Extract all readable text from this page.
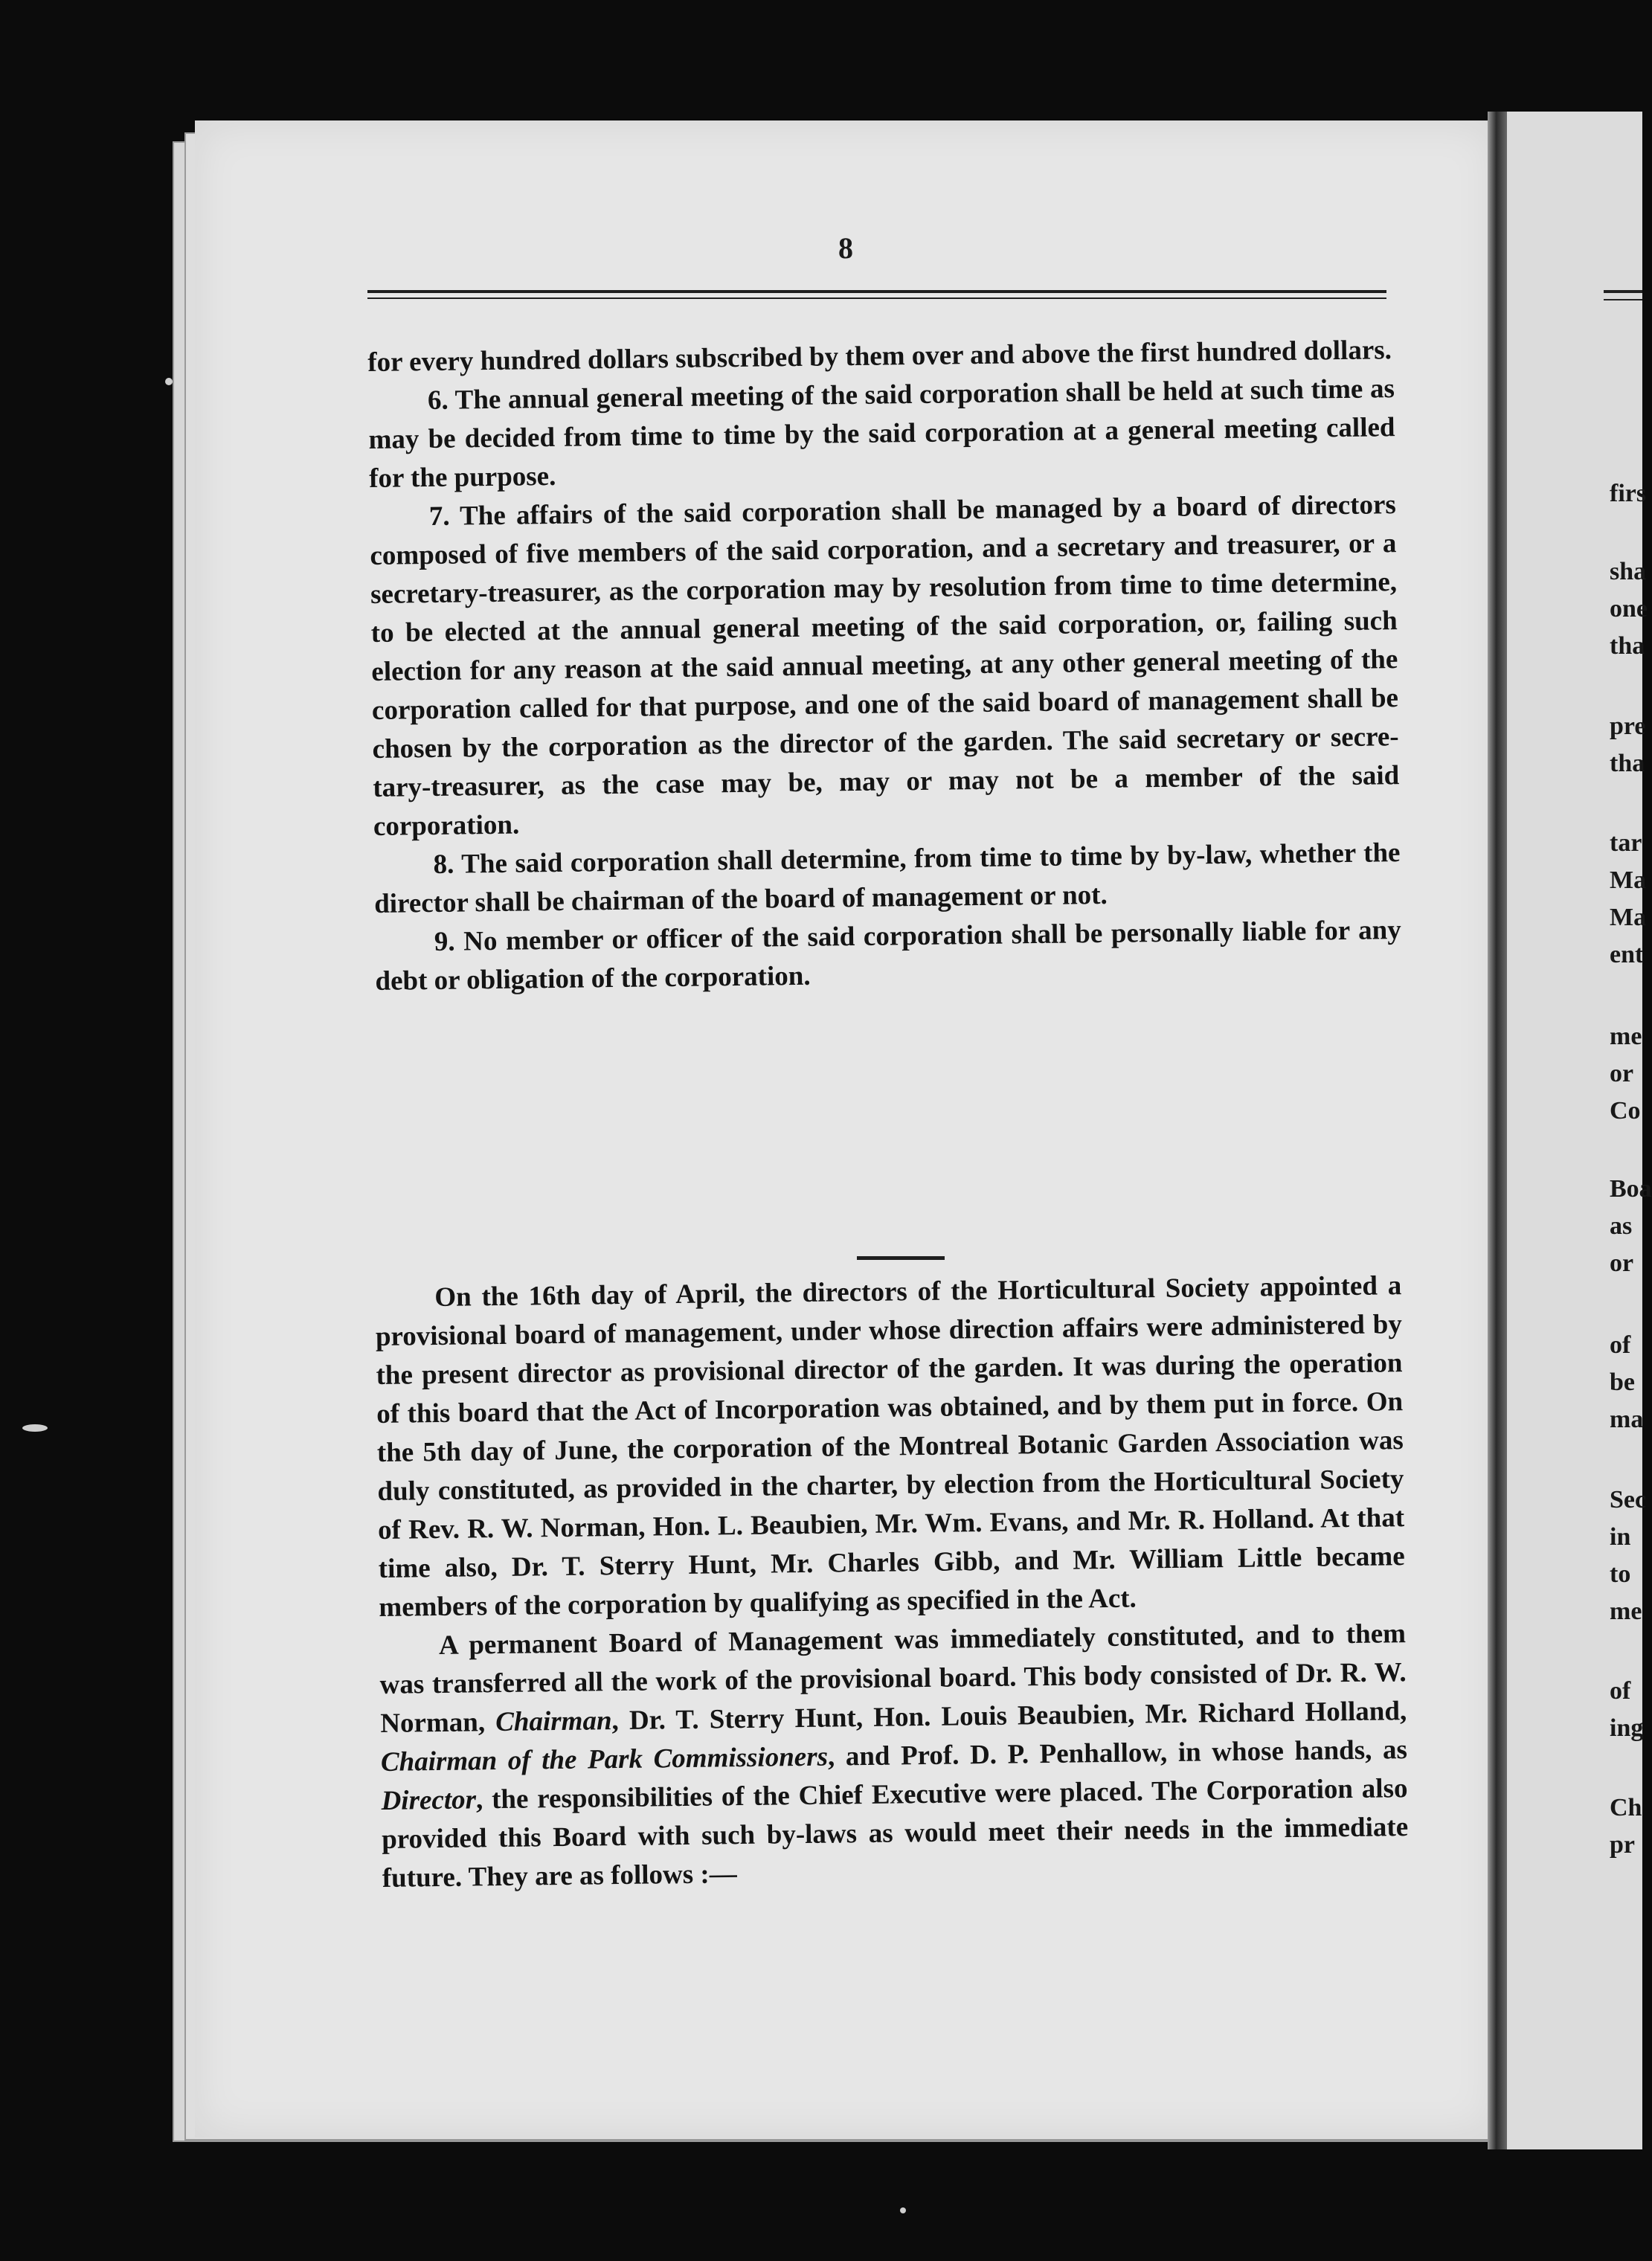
8

for every hundred dollars subscribed by them over and above the first hundred dollars.

6. The annual general meeting of the said corporation shall be held at such time as may be decided from time to time by the said corporation at a general meeting called for the purpose.

7. The affairs of the said corporation shall be managed by a board of directors composed of five members of the said corporation, and a secretary and treasurer, or a secretary-treasurer, as the corporation may by resolution from time to time determine, to be elected at the annual general meeting of the said corporation, or, failing such election for any reason at the said annual meeting, at any other general meeting of the corporation called for that purpose, and one of the said board of management shall be chosen by the corporation as the director of the garden. The said secretary or secretary-treasurer, as the case may be, may or may not be a member of the said corporation.

8. The said corporation shall determine, from time to time by by-law, whether the director shall be chairman of the board of management or not.

9. No member or officer of the said corporation shall be personally liable for any debt or obligation of the corporation.

On the 16th day of April, the directors of the Horticultural Society appointed a provisional board of management, under whose direction affairs were administered by the present director as provisional director of the garden. It was during the operation of this board that the Act of Incorporation was obtained, and by them put in force. On the 5th day of June, the corporation of the Montreal Botanic Garden Association was duly constituted, as provided in the charter, by election from the Horticultural Society of Rev. R. W. Norman, Hon. L. Beaubien, Mr. Wm. Evans, and Mr. R. Holland. At that time also, Dr. T. Sterry Hunt, Mr. Charles Gibb, and Mr. William Little became members of the corporation by qualifying as specified in the Act.

A permanent Board of Management was immediately constituted, and to them was transferred all the work of the provisional board. This body consisted of Dr. R. W. Norman, Chairman, Dr. T. Sterry Hunt, Hon. Louis Beaubien, Mr. Richard Holland, Chairman of the Park Commissioners, and Prof. D. P. Penhallow, in whose hands, as Director, the responsibilities of the Chief Executive were placed. The Corporation also provided this Board with such by-laws as would meet their needs in the immediate future. They are as follows :—

firs
sha
one
tha
pre
tha
tar
Ma
Ma
ent
me
or
Co
Boa
as
or
of
be
ma
Sec
in
to
me
of
ing
Ch
pr
